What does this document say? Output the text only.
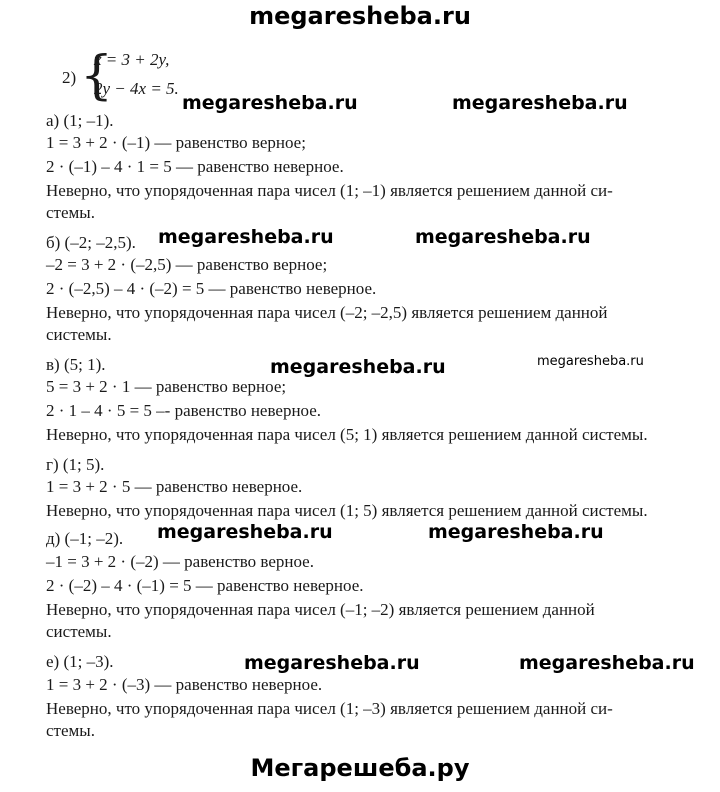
megaresheba.ru
2) {
x = 3 + 2y,
2y − 4x = 5.
megaresheba.ru	megaresheba.ru
megaresheba.ru	megaresheba.ru
megaresheba.ru	megaresheba.ru
megaresheba.ru	megaresheba.ru
megaresheba.ru	megaresheba.ru
а) (1; –1).
1 = 3 + 2 · (–1) — равенство верное;
2 · (–1) – 4 · 1 = 5 — равенство неверное.
Неверно, что упорядоченная пара чисел (1; –1) является решением данной си-
стемы.
б) (–2; –2,5).
–2 = 3 + 2 · (–2,5) — равенство верное;
2 · (–2,5) – 4 · (–2) = 5 — равенство неверное.
Неверно, что упорядоченная пара чисел (–2; –2,5) является решением данной
системы.
в) (5; 1).
5 = 3 + 2 · 1 — равенство верное;
2 · 1 – 4 · 5 = 5 –- равенство неверное.
Неверно, что упорядоченная пара чисел (5; 1) является решением данной системы.
г) (1; 5).
1 = 3 + 2 · 5 — равенство неверное.
Неверно, что упорядоченная пара чисел (1; 5) является решением данной системы.
д) (–1; –2).
–1 = 3 + 2 · (–2) — равенство верное.
2 · (–2) – 4 · (–1) = 5 — равенство неверное.
Неверно, что упорядоченная пара чисел (–1; –2) является решением данной
системы.
е) (1; –3).
1 = 3 + 2 · (–3) — равенство неверное.
Неверно, что упорядоченная пара чисел (1; –3) является решением данной си-
стемы.
Мегарешеба.ру
